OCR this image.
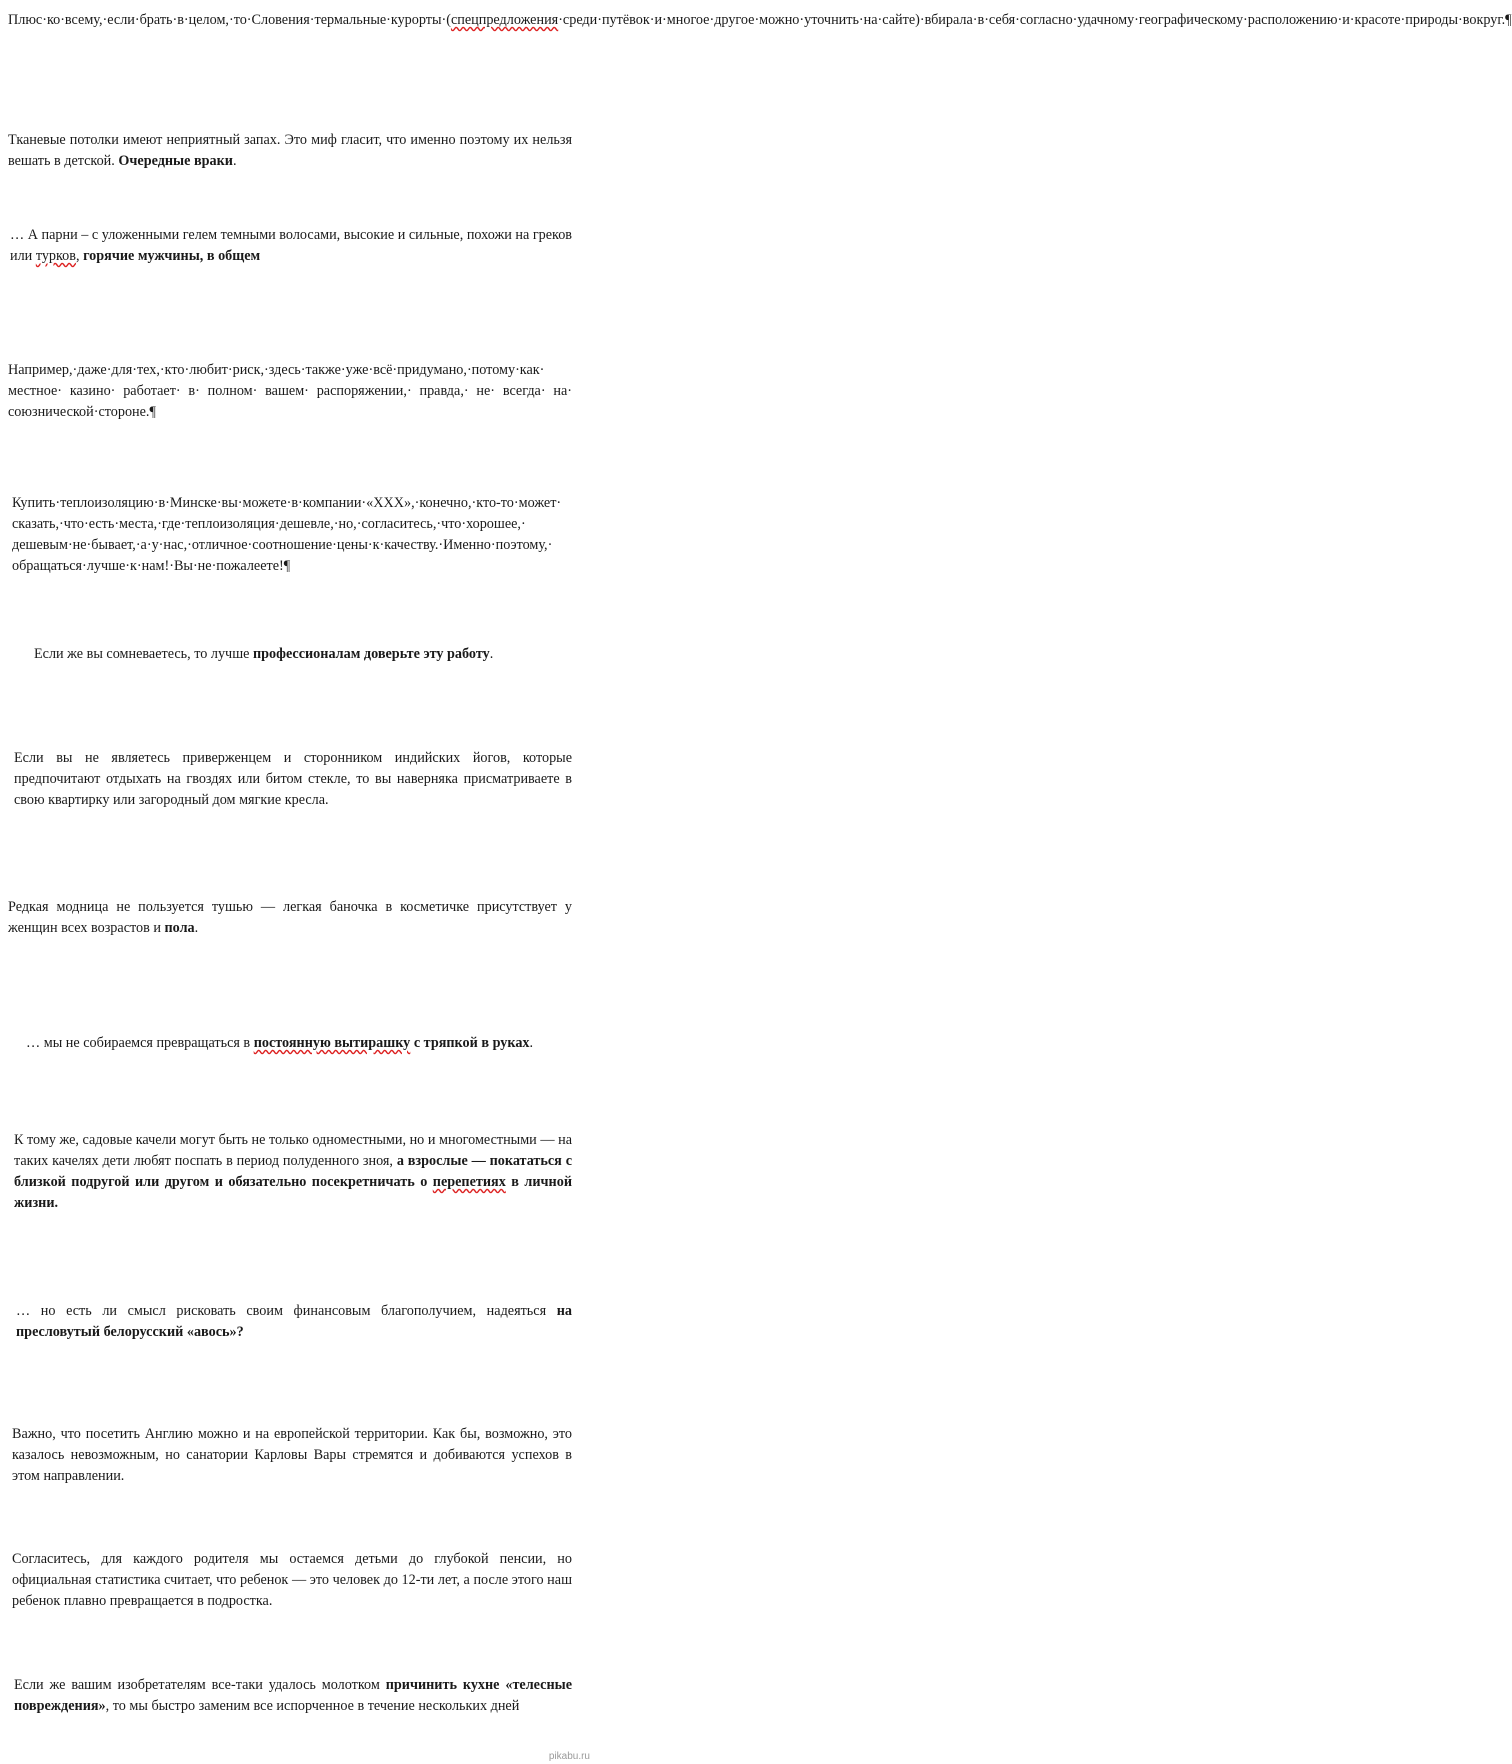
Плюс·ко·всему,·если·брать·в·целом,·то·Словения·термальные·курорты·(спецпредложения·среди·путёвок·и·многое·другое·можно·уточнить·на·сайте)·вбирала·в·себя·согласно·удачному·географическому·расположению·и·красоте·природы·вокруг.¶

Тканевые потолки имеют неприятный запах. Это миф гласит, что именно поэтому их нельзя вешать в детской. Очередные враки.

… А парни – с уложенными гелем темными волосами, высокие и сильные, похожи на греков или турков, горячие мужчины, в общем

Например,·даже·для·тех,·кто·любит·риск,·здесь·также·уже·всё·придумано,·потому·как· местное· казино· работает· в· полном· вашем· распоряжении,· правда,· не· всегда· на· союзнической·стороне.¶

Купить·теплоизоляцию·в·Минске·вы·можете·в·компании·«ХХХ»,·конечно,·кто-то·может· сказать,·что·есть·места,·где·теплоизоляция·дешевле,·но,·согласитесь,·что·хорошее,· дешевым·не·бывает,·а·у·нас,·отличное·соотношение·цены·к·качеству.·Именно·поэтому,· обращаться·лучше·к·нам!·Вы·не·пожалеете!¶

Если же вы сомневаетесь, то лучше профессионалам доверьте эту работу.

Если вы не являетесь приверженцем и сторонником индийских йогов, которые предпочитают отдыхать на гвоздях или битом стекле, то вы наверняка присматриваете в свою квартирку или загородный дом мягкие кресла.

Редкая модница не пользуется тушью — легкая баночка в косметичке присутствует у женщин всех возрастов и пола.

… мы не собираемся превращаться в постоянную вытирашку с тряпкой в руках.

К тому же, садовые качели могут быть не только одноместными, но и многоместными — на таких качелях дети любят поспать в период полуденного зноя, а взрослые — покататься с близкой подругой или другом и обязательно посекретничать о перепетиях в личной жизни.

… но есть ли смысл рисковать своим финансовым благополучием, надеяться на пресловутый белорусский «авось»?

Важно, что посетить Англию можно и на европейской территории. Как бы, возможно, это казалось невозможным, но санатории Карловы Вары стремятся и добиваются успехов в этом направлении.

Согласитесь, для каждого родителя мы остаемся детьми до глубокой пенсии, но официальная статистика считает, что ребенок — это человек до 12-ти лет, а после этого наш ребенок плавно превращается в подростка.

Если же вашим изобретателям все-таки удалось молотком причинить кухне «телесные повреждения», то мы быстро заменим все испорченное в течение нескольких дней

pikabu.ru
